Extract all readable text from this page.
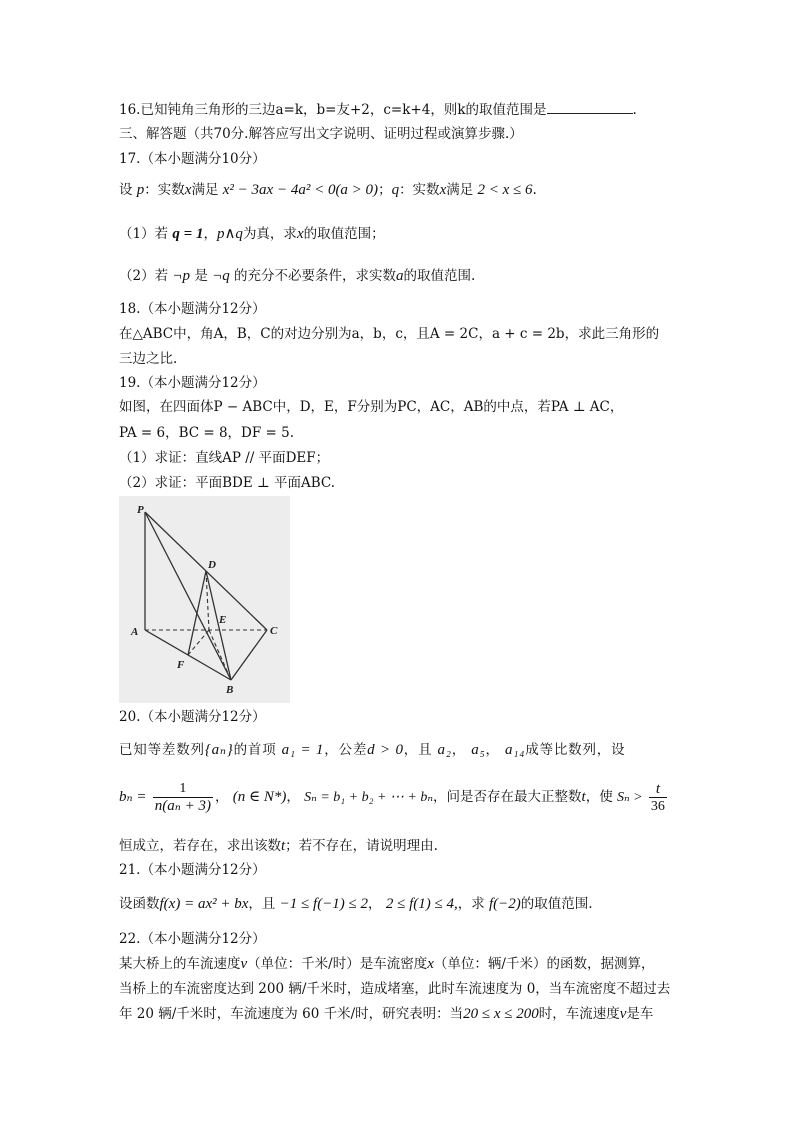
16.已知钝角三角形的三边a=k，b=友+2，c=k+4，则k的取值范围是	.
三、解答题（共70分.解答应写出文字说明、证明过程或演算步骤.）
17.（本小题满分10分）
设 p：实数x满足 x² − 3ax − 4a² < 0(a > 0)；q：实数x满足 2 < x ≤ 6.
（1）若 q = 1，p∧q为真，求x的取值范围；
（2）若 ¬p 是 ¬q 的充分不必要条件，求实数a的取值范围.
18.（本小题满分12分）
在△ABC中，角A，B，C的对边分别为a，b，c，且A = 2C，a + c = 2b，求此三角形的
三边之比.
19.（本小题满分12分）
如图，在四面体P − ABC中，D，E，F分别为PC，AC，AB的中点，若PA ⊥ AC，
PA = 6，BC = 8，DF = 5.
（1）求证：直线AP // 平面DEF；
（2）求证：平面BDE ⊥ 平面ABC.
P
D
E
A	C
F
B
20.（本小题满分12分）
已知等差数列{aₙ}的首项 a₁ = 1，公差d > 0，且 a₂， a₅， a₁₄成等比数列，设
$b_n = \frac{1}{\text{n(aₙ + 3)}}$ ， (n ∈ N*)， Sₙ = b₁ + b₂ + ⋯ + bₙ，问是否存在最大正整数t，使 $S_n > \frac{t}{36}$
恒成立，若存在，求出该数t；若不存在，请说明理由.
21.（本小题满分12分）
设函数f(x) = ax² + bx，且 −1 ≤ f(−1) ≤ 2， 2 ≤ f(1) ≤ 4,，求 f(−2)的取值范围.
22.（本小题满分12分）
某大桥上的车流速度v（单位：千米/时）是车流密度x（单位：辆/千米）的函数，据测算，
当桥上的车流密度达到 200 辆/千米时，造成堵塞，此时车流速度为 0，当车流密度不超过去
年 20 辆/千米时，车流速度为 60 千米/时，研究表明：当20 ≤ x ≤ 200时，车流速度v是车
